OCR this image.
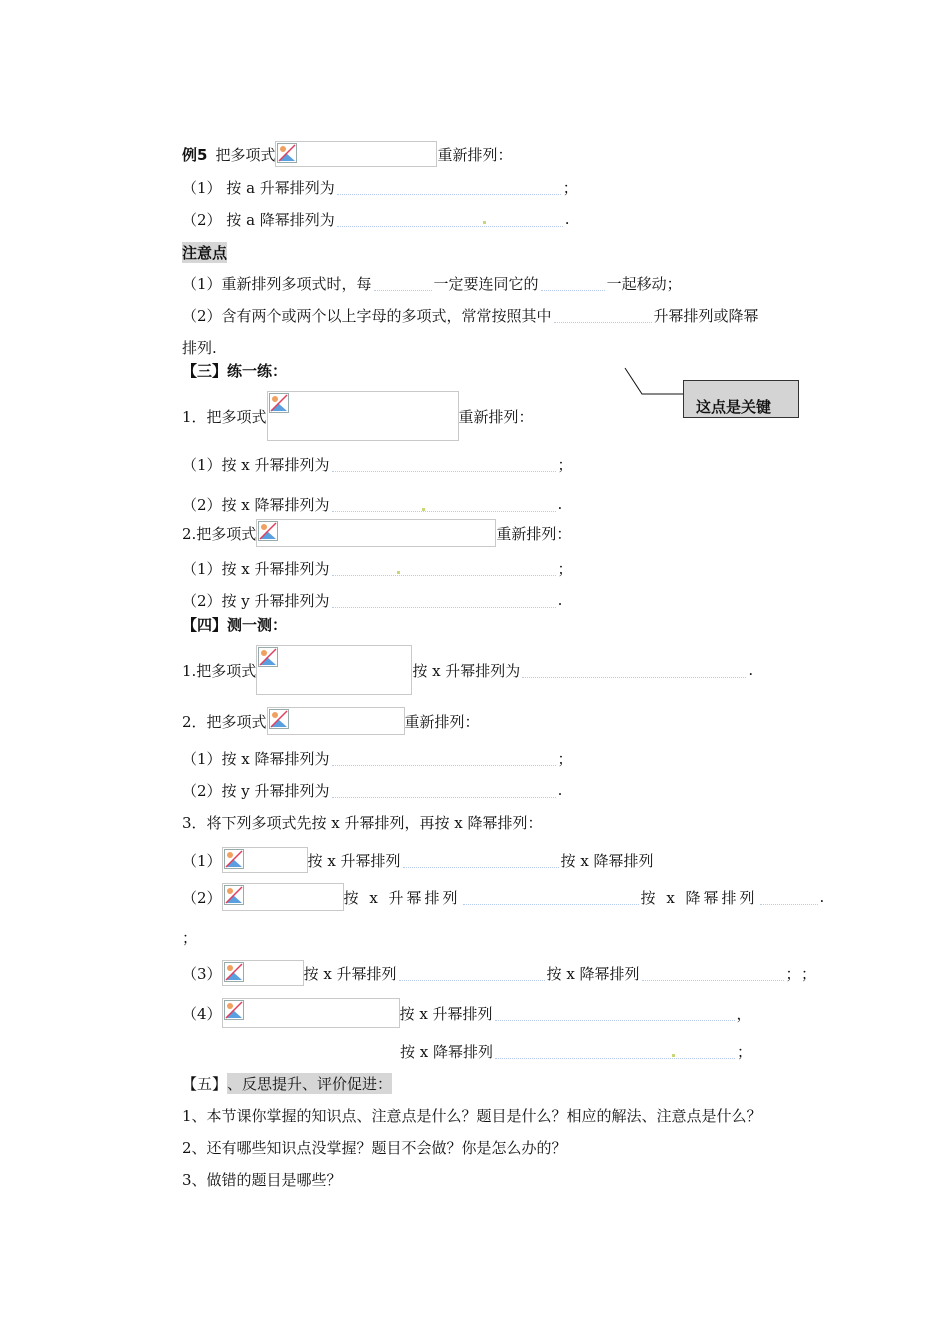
例5 把多项式	重新排列：
（1） 按 a 升幂排列为	；
（2） 按 a 降幂排列为	.
注意点
（1）重新排列多项式时，每	一定要连同它的	一起移动；
（2）含有两个或两个以上字母的多项式，常常按照其中	升幂排列或降幂
排列.
【三】练一练：
这点是关键
1．把多项式	重新排列：
（1）按 x 升幂排列为	；
（2）按 x 降幂排列为	.
2.把多项式	重新排列：
（1）按 x 升幂排列为	；
（2）按 y 升幂排列为	.
【四】测一测：
1.把多项式	按 x 升幂排列为	.
2．把多项式	重新排列：
（1）按 x 降幂排列为	；
（2）按 y 升幂排列为	.
3．将下列多项式先按 x 升幂排列，再按 x 降幂排列：
（1）	按 x 升幂排列	按 x 降幂排列
（2）	按 x 升幂排列	按 x 降幂排列	.
；
（3）	按 x 升幂排列	按 x 降幂排列	；；
（4）	按 x 升幂排列	，
按 x 降幂排列	；
【五】 、反思提升、评价促进：
1、本节课你掌握的知识点、注意点是什么？题目是什么？相应的解法、注意点是什么？
2、还有哪些知识点没掌握？题目不会做？你是怎么办的？
3、做错的题目是哪些？
